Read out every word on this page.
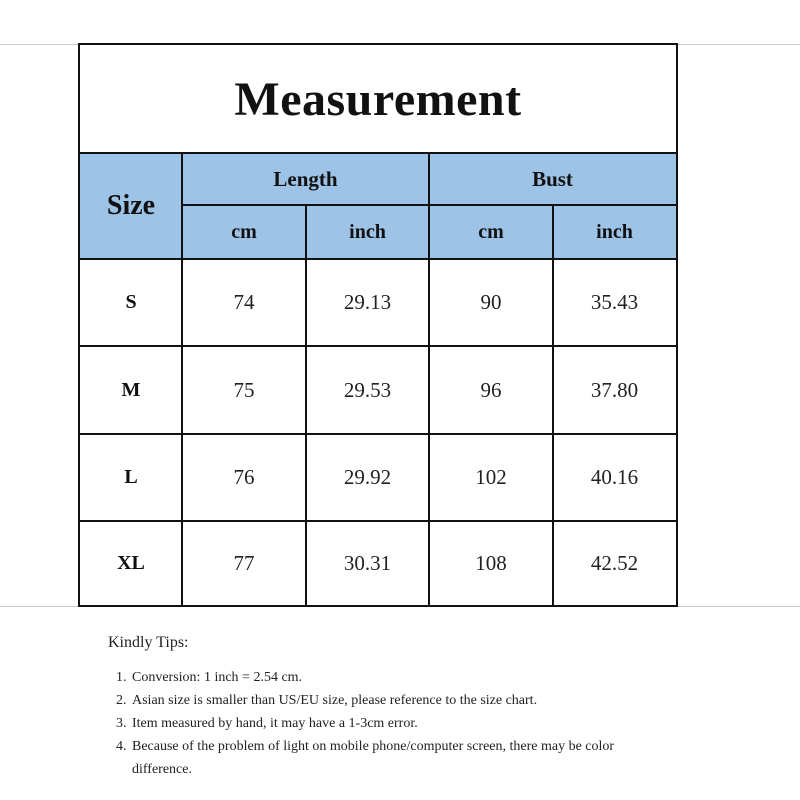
Measurement
Size
Length	Bust
cm	inch	cm	inch
S	74	29.13	90	35.43
M	75	29.53	96	37.80
L	76	29.92	102	40.16
XL	77	30.31	108	42.52
Kindly Tips:
1. Conversion: 1 inch = 2.54 cm.
2. Asian size is smaller than US/EU size, please reference to the size chart.
3. Item measured by hand, it may have a 1-3cm error.
4. Because of the problem of light on mobile phone/computer screen, there may be color difference.
